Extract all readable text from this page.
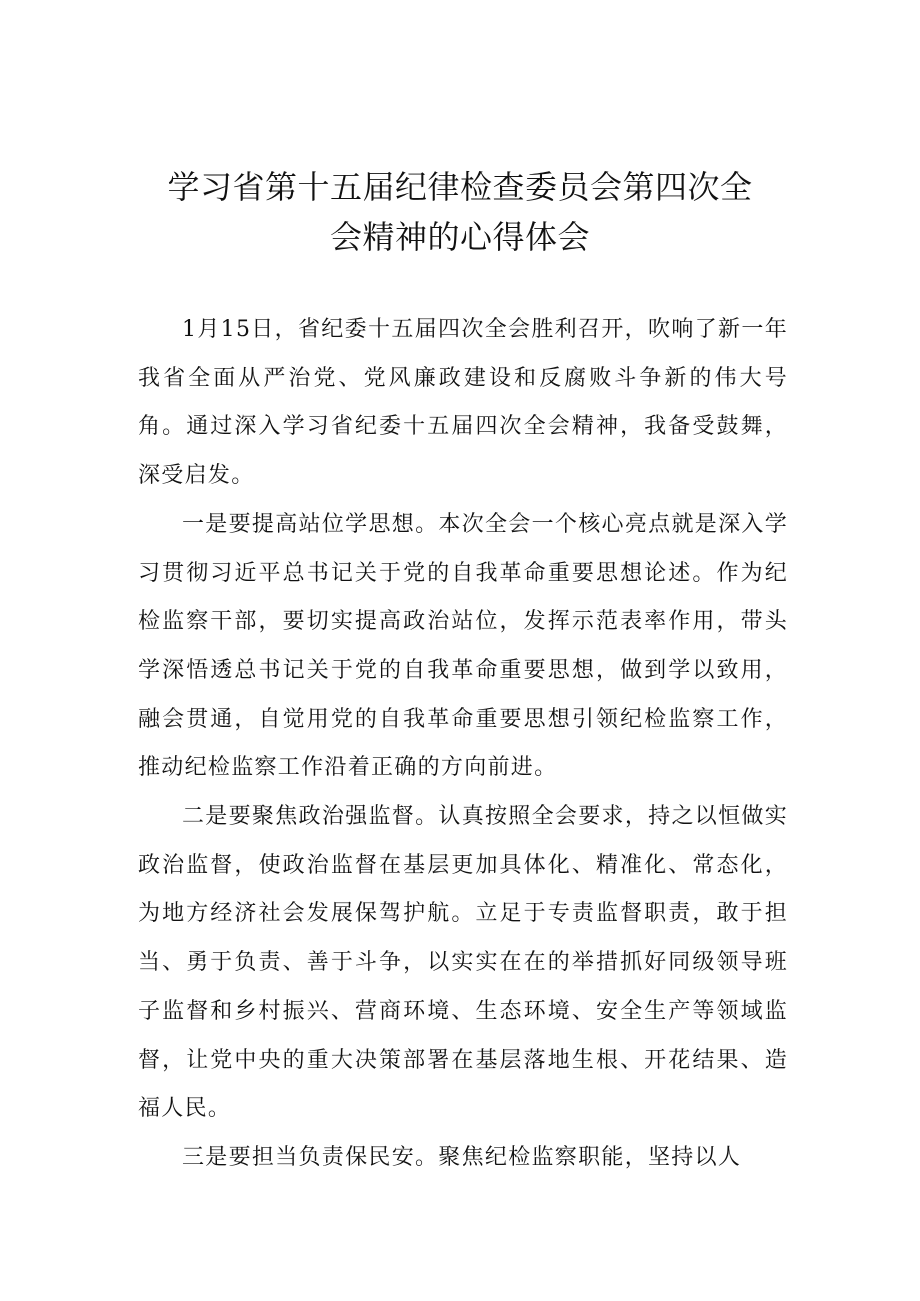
学习省第十五届纪律检查委员会第四次全
会精神的心得体会

1月15日，省纪委十五届四次全会胜利召开，吹响了新一年我省全面从严治党、党风廉政建设和反腐败斗争新的伟大号角。通过深入学习省纪委十五届四次全会精神，我备受鼓舞，深受启发。

一是要提高站位学思想。本次全会一个核心亮点就是深入学习贯彻习近平总书记关于党的自我革命重要思想论述。作为纪检监察干部，要切实提高政治站位，发挥示范表率作用，带头学深悟透总书记关于党的自我革命重要思想，做到学以致用，融会贯通，自觉用党的自我革命重要思想引领纪检监察工作，推动纪检监察工作沿着正确的方向前进。

二是要聚焦政治强监督。认真按照全会要求，持之以恒做实政治监督，使政治监督在基层更加具体化、精准化、常态化，为地方经济社会发展保驾护航。立足于专责监督职责，敢于担当、勇于负责、善于斗争，以实实在在的举措抓好同级领导班子监督和乡村振兴、营商环境、生态环境、安全生产等领域监督，让党中央的重大决策部署在基层落地生根、开花结果、造福人民。

三是要担当负责保民安。聚焦纪检监察职能，坚持以人
